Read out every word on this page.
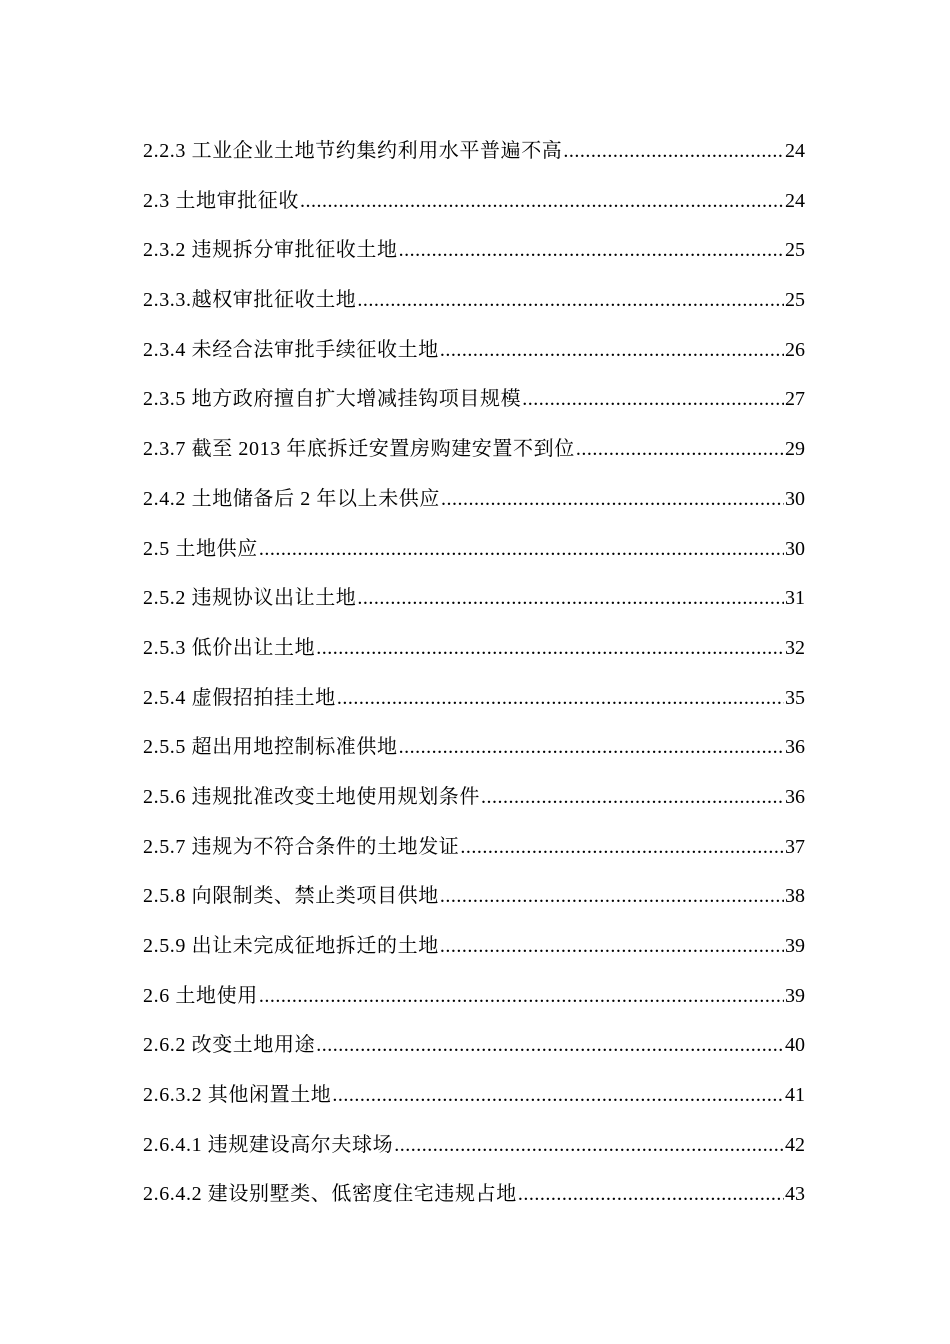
2.2.3 工业企业土地节约集约利用水平普遍不高 .....	24
2.3 土地审批征收 .....	24
2.3.2 违规拆分审批征收土地 .....	25
2.3.3.越权审批征收土地 .....	25
2.3.4 未经合法审批手续征收土地 .....	26
2.3.5 地方政府擅自扩大增减挂钩项目规模 .....	27
2.3.7 截至 2013 年底拆迁安置房购建安置不到位 .....	29
2.4.2 土地储备后 2 年以上未供应 .....	30
2.5 土地供应 .....	30
2.5.2 违规协议出让土地 .....	31
2.5.3 低价出让土地 .....	32
2.5.4 虚假招拍挂土地 .....	35
2.5.5 超出用地控制标准供地 .....	36
2.5.6 违规批准改变土地使用规划条件 .....	36
2.5.7 违规为不符合条件的土地发证 .....	37
2.5.8 向限制类、禁止类项目供地 .....	38
2.5.9 出让未完成征地拆迁的土地 .....	39
2.6 土地使用 .....	39
2.6.2 改变土地用途 .....	40
2.6.3.2 其他闲置土地 .....	41
2.6.4.1 违规建设高尔夫球场 .....	42
2.6.4.2 建设别墅类、低密度住宅违规占地 .....	43
